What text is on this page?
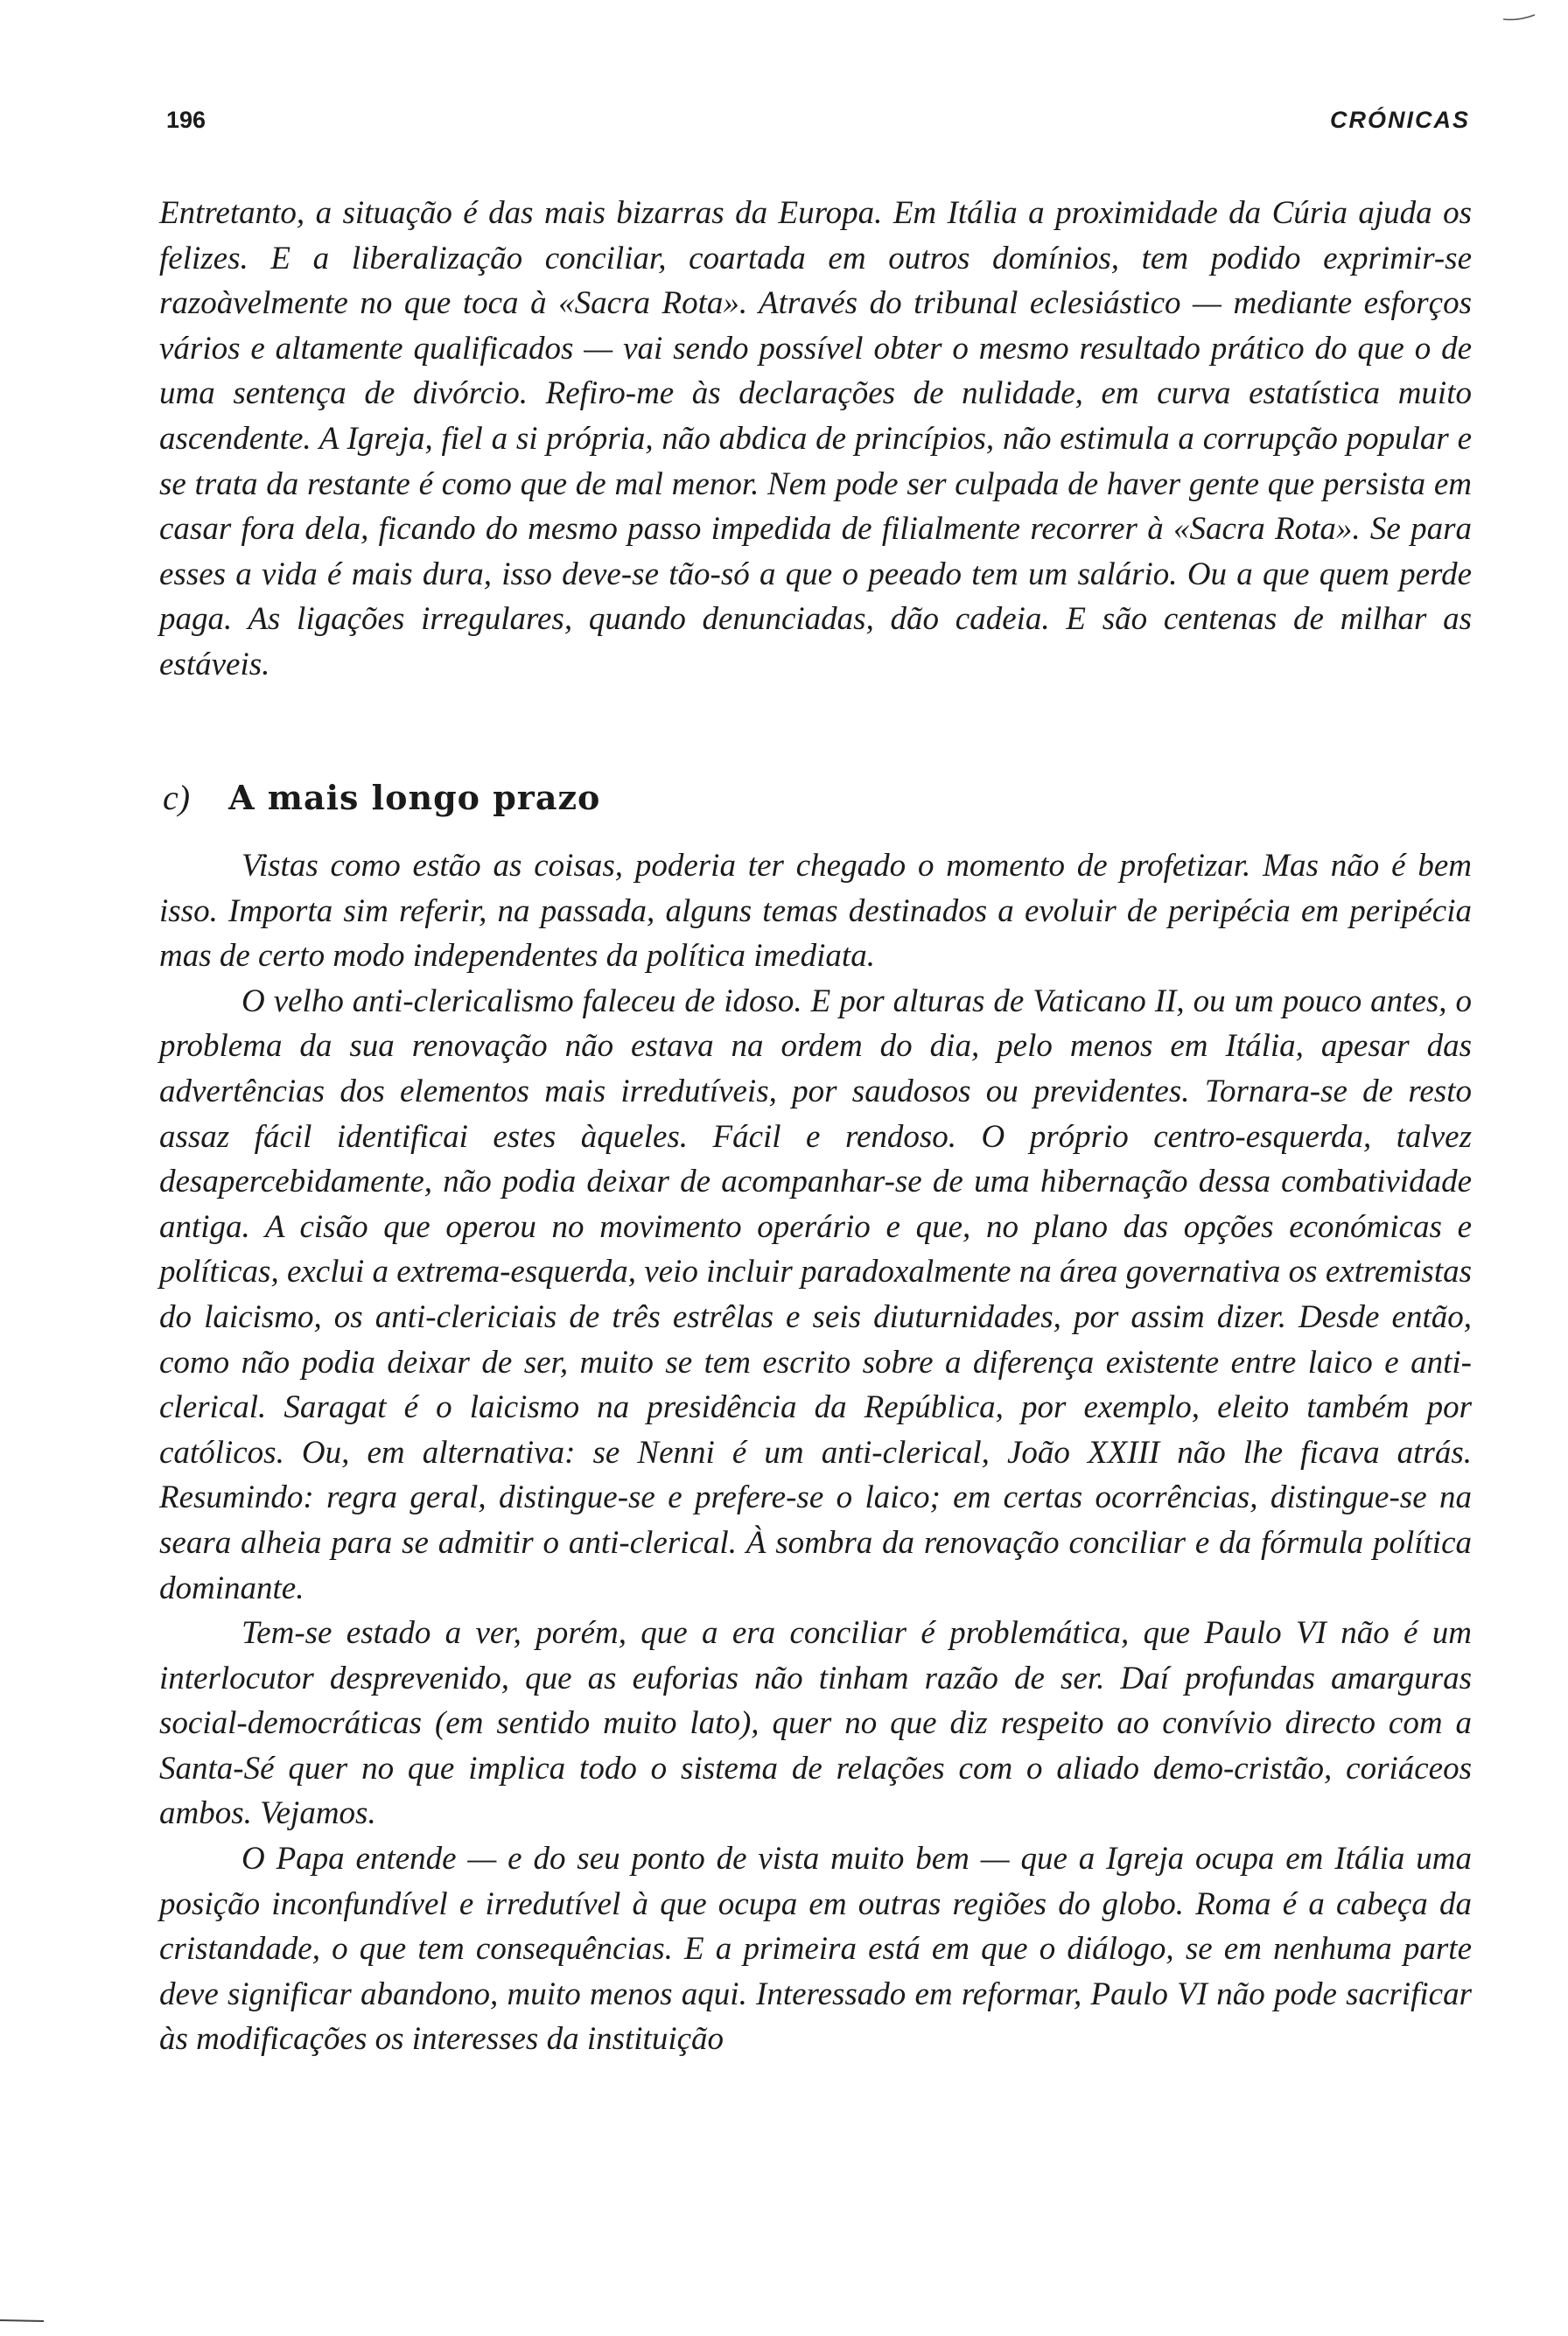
196	CRÓNICAS

Entretanto, a situação é das mais bizarras da Europa. Em Itália a proximidade da Cúria ajuda os felizes. E a liberalização conciliar, coartada em outros domínios, tem podido exprimir-se razoàvelmente no que toca à «Sacra Rota». Através do tribunal eclesiástico — mediante esforços vários e altamente qualificados — vai sendo possível obter o mesmo resultado prático do que o de uma sentença de divórcio. Refiro-me às declarações de nulidade, em curva estatística muito ascendente. A Igreja, fiel a si própria, não abdica de princípios, não estimula a corrupção popular e se trata da restante é como que de mal menor. Nem pode ser culpada de haver gente que persista em casar fora dela, ficando do mesmo passo impedida de filialmente recorrer à «Sacra Rota». Se para esses a vida é mais dura, isso deve-se tão-só a que o peeado tem um salário. Ou a que quem perde paga. As ligações irregulares, quando denunciadas, dão cadeia. E são centenas de milhar as estáveis.

c) A mais longo prazo

Vistas como estão as coisas, poderia ter chegado o momento de profetizar. Mas não é bem isso. Importa sim referir, na passada, alguns temas destinados a evoluir de peripécia em peripécia mas de certo modo independentes da política imediata.

O velho anti-clericalismo faleceu de idoso. E por alturas de Vaticano II, ou um pouco antes, o problema da sua renovação não estava na ordem do dia, pelo menos em Itália, apesar das advertências dos elementos mais irredutíveis, por saudosos ou previdentes. Tornara-se de resto assaz fácil identificai estes àqueles. Fácil e rendoso. O próprio centro-esquerda, talvez desapercebidamente, não podia deixar de acompanhar-se de uma hibernação dessa combatividade antiga. A cisão que operou no movimento operário e que, no plano das opções económicas e políticas, exclui a extrema-esquerda, veio incluir paradoxalmente na área governativa os extremistas do laicismo, os anti-clericiais de três estrêlas e seis diuturnidades, por assim dizer. Desde então, como não podia deixar de ser, muito se tem escrito sobre a diferença existente entre laico e anti-clerical. Saragat é o laicismo na presidência da República, por exemplo, eleito também por católicos. Ou, em alternativa: se Nenni é um anti-clerical, João XXIII não lhe ficava atrás. Resumindo: regra geral, distingue-se e prefere-se o laico; em certas ocorrências, distingue-se na seara alheia para se admitir o anti-clerical. À sombra da renovação conciliar e da fórmula política dominante.

Tem-se estado a ver, porém, que a era conciliar é problemática, que Paulo VI não é um interlocutor desprevenido, que as euforias não tinham razão de ser. Daí profundas amarguras social-democráticas (em sentido muito lato), quer no que diz respeito ao convívio directo com a Santa-Sé quer no que implica todo o sistema de relações com o aliado demo-cristão, coriáceos ambos. Vejamos.

O Papa entende — e do seu ponto de vista muito bem — que a Igreja ocupa em Itália uma posição inconfundível e irredutível à que ocupa em outras regiões do globo. Roma é a cabeça da cristandade, o que tem consequências. E a primeira está em que o diálogo, se em nenhuma parte deve significar abandono, muito menos aqui. Interessado em reformar, Paulo VI não pode sacrificar às modificações os interesses da instituição
